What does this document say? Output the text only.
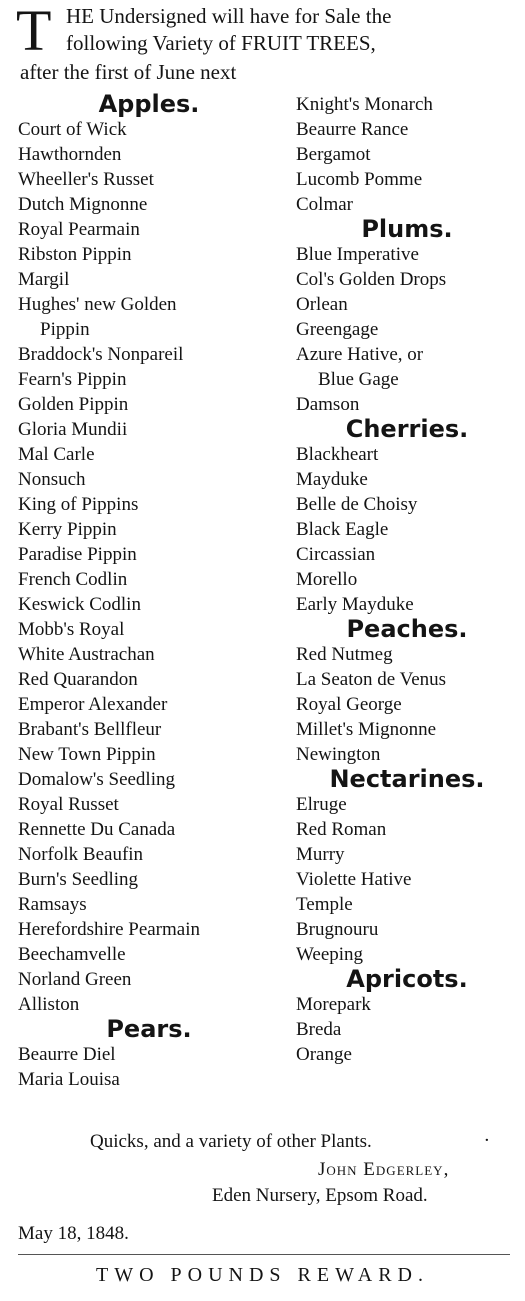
T HE Undersigned will have for Sale the
following Variety of FRUIT TREES,
after the first of June next
Apples.
Court of Wick
Hawthornden
Wheeller's Russet
Dutch Mignonne
Royal Pearmain
Ribston Pippin
Margil
Hughes' new Golden
Pippin
Braddock's Nonpareil
Fearn's Pippin
Golden Pippin
Gloria Mundii
Mal Carle
Nonsuch
King of Pippins
Kerry Pippin
Paradise Pippin
French Codlin
Keswick Codlin
Mobb's Royal
White Austrachan
Red Quarandon
Emperor Alexander
Brabant's Bellfleur
New Town Pippin
Domalow's Seedling
Royal Russet
Rennette Du Canada
Norfolk Beaufin
Burn's Seedling
Ramsays
Herefordshire Pearmain
Beechamvelle
Norland Green
Alliston
Pears.
Beaurre Diel
Maria Louisa
Knight's Monarch
Beaurre Rance
Bergamot
Lucomb Pomme
Colmar
Plums.
Blue Imperative
Col's Golden Drops
Orlean
Greengage
Azure Hative, or
Blue Gage
Damson
Cherries.
Blackheart
Mayduke
Belle de Choisy
Black Eagle
Circassian
Morello
Early Mayduke
Peaches.
Red Nutmeg
La Seaton de Venus
Royal George
Millet's Mignonne
Newington
Nectarines.
Elruge
Red Roman
Murry
Violette Hative
Temple
Brugnouru
Weeping
Apricots.
Morepark
Breda
Orange
Quicks, and a variety of other Plants.	·
John Edgerley,
Eden Nursery, Epsom Road.
May 18, 1848.
TWO POUNDS REWARD.
